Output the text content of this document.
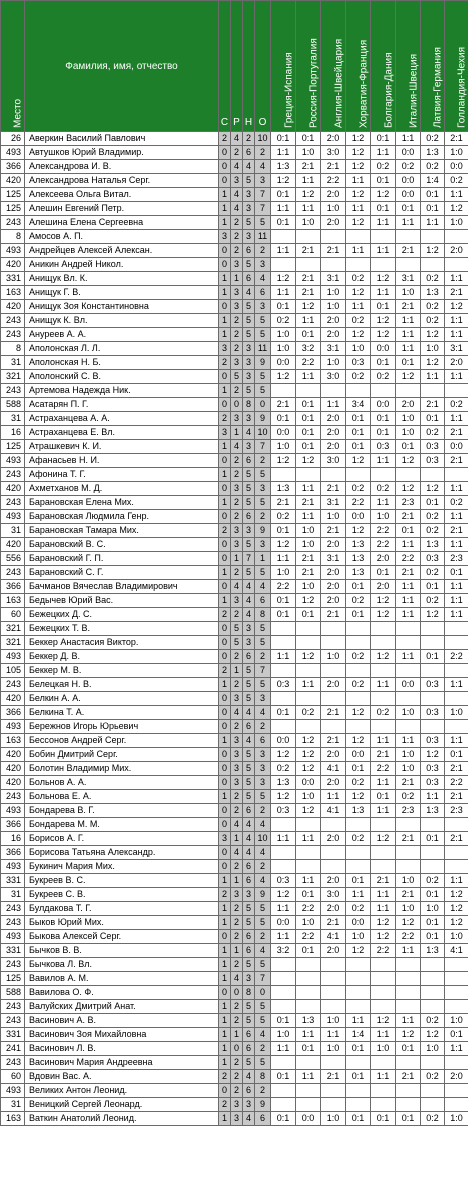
Место	Фамилия, имя, отчество	С	Р	Н	О	Греция-Испания	Россия-Португалия	Англия-Швейцария	Хорватия-Франция	Болгария-Дания	Италия-Швеция	Латвия-Германия	Голландия-Чехия
26	Аверкин Василий Павлович	2	4	2	10	0:1	0:1	2:0	1:2	0:1	1:1	0:2	2:1
493	Автушков Юрий Владимир.	0	2	6	2	1:1	1:0	3:0	1:2	1:1	0:0	1:3	1:0
366	Александрова И. В.	0	4	4	4	1:3	2:1	2:1	1:2	0:2	0:2	0:2	0:0
420	Александрова Наталья Серг.	0	3	5	3	1:2	1:1	2:2	1:1	0:1	0:0	1:4	0:2
125	Алексеева Ольга Витал.	1	4	3	7	0:1	1:2	2:0	1:2	1:2	0:0	0:1	1:1
125	Алешин Евгений Петр.	1	4	3	7	1:1	1:1	1:0	1:1	0:1	0:1	0:1	1:2
243	Алешина Елена Сергеевна	1	2	5	5	0:1	1:0	2:0	1:2	1:1	1:1	1:1	1:0
8	Амосов А. П.	3	2	3	11								
493	Андрейцев Алексей Алексан.	0	2	6	2	1:1	2:1	2:1	1:1	1:1	2:1	1:2	2:0
420	Аникин Андрей Никол.	0	3	5	3								
331	Анищук Вл. К.	1	1	6	4	1:2	2:1	3:1	0:2	1:2	3:1	0:2	1:1
163	Анищук Г. В.	1	3	4	6	1:1	2:1	1:0	1:2	1:1	1:0	1:3	2:1
420	Анищук Зоя Константиновна	0	3	5	3	0:1	1:2	1:0	1:1	0:1	2:1	0:2	1:2
243	Анищук К. Вл.	1	2	5	5	0:2	1:1	2:0	0:2	1:2	1:1	0:2	1:1
243	Ануреев А. А.	1	2	5	5	1:0	0:1	2:0	1:2	1:2	1:1	1:2	1:1
8	Аполонская Л. Л.	3	2	3	11	1:0	3:2	3:1	1:0	0:0	1:1	1:0	3:1
31	Аполонская Н. Б.	2	3	3	9	0:0	2:2	1:0	0:3	0:1	0:1	1:2	2:0
321	Аполонский С. В.	0	5	3	5	1:2	1:1	3:0	0:2	0:2	1:2	1:1	1:1
243	Артемова Надежда Ник.	1	2	5	5								
588	Асатарян П. Г.	0	0	8	0	2:1	0:1	1:1	3:4	0:0	2:0	2:1	0:2
31	Астраханцева А. А.	2	3	3	9	0:1	0:1	2:0	0:1	0:1	1:0	0:1	1:1
16	Астраханцева Е. Вл.	3	1	4	10	0:0	0:1	2:0	0:1	0:1	1:0	0:2	2:1
125	Атрашкевич К. И.	1	4	3	7	1:0	0:1	2:0	0:1	0:3	0:1	0:3	0:0
493	Афанасьев Н. И.	0	2	6	2	1:2	1:2	3:0	1:2	1:1	1:2	0:3	2:1
243	Афонина Т. Г.	1	2	5	5								
420	Ахметханов М. Д.	0	3	5	3	1:3	1:1	2:1	0:2	0:2	1:2	1:2	1:1
243	Барановская Елена Мих.	1	2	5	5	2:1	2:1	3:1	2:2	1:1	2:3	0:1	0:2
493	Барановская Людмила Генр.	0	2	6	2	0:2	1:1	1:0	0:0	1:0	2:1	0:2	1:1
31	Барановская Тамара Мих.	2	3	3	9	0:1	1:0	2:1	1:2	2:2	0:1	0:2	2:1
420	Барановский В. С.	0	3	5	3	1:2	1:0	2:0	1:3	2:2	1:1	1:3	1:1
556	Барановский Г. П.	0	1	7	1	1:1	2:1	3:1	1:3	2:0	2:2	0:3	2:3
243	Барановский С. Г.	1	2	5	5	1:0	2:1	2:0	1:3	0:1	2:1	0:2	0:1
366	Бачманов Вячеслав Владимирович	0	4	4	4	2:2	1:0	2:0	0:1	2:0	1:1	0:1	1:1
163	Бедычев Юрий Вас.	1	3	4	6	0:1	1:2	2:0	0:2	1:2	1:1	0:2	1:1
60	Бежецких Д. С.	2	2	4	8	0:1	0:1	2:1	0:1	1:2	1:1	1:2	1:1
321	Бежецких Т. В.	0	5	3	5								
321	Беккер Анастасия Виктор.	0	5	3	5								
493	Беккер Д. В.	0	2	6	2	1:1	1:2	1:0	0:2	1:2	1:1	0:1	2:2
105	Беккер М. В.	2	1	5	7								
243	Белецкая Н. В.	1	2	5	5	0:3	1:1	2:0	0:2	1:1	0:0	0:3	1:1
420	Белкин А. А.	0	3	5	3								
366	Белкина Т. А.	0	4	4	4	0:1	0:2	2:1	1:2	0:2	1:0	0:3	1:0
493	Бережнов Игорь Юрьевич	0	2	6	2								
163	Бессонов Андрей Серг.	1	3	4	6	0:0	1:2	2:1	1:2	1:1	1:1	0:3	1:1
420	Бобин Дмитрий Серг.	0	3	5	3	1:2	1:2	2:0	0:0	2:1	1:0	1:2	0:1
420	Болотин Владимир Мих.	0	3	5	3	0:2	1:2	4:1	0:1	2:2	1:0	0:3	2:1
420	Больнов А. А.	0	3	5	3	1:3	0:0	2:0	0:2	1:1	2:1	0:3	2:2
243	Больнова Е. А.	1	2	5	5	1:2	1:0	1:1	1:2	0:1	0:2	1:1	2:1
493	Бондарева В. Г.	0	2	6	2	0:3	1:2	4:1	1:3	1:1	2:3	1:3	2:3
366	Бондарева М. М.	0	4	4	4								
16	Борисов А. Г.	3	1	4	10	1:1	1:1	2:0	0:2	1:2	2:1	0:1	2:1
366	Борисова Татьяна Александр.	0	4	4	4								
493	Букинич Мария Мих.	0	2	6	2								
331	Букреев В. С.	1	1	6	4	0:3	1:1	2:0	0:1	2:1	1:0	0:2	1:1
31	Букреев С. В.	2	3	3	9	1:2	0:1	3:0	1:1	1:1	2:1	0:1	1:2
243	Булдакова Т. Г.	1	2	5	5	1:1	2:2	2:0	0:2	1:1	1:0	1:0	1:2
243	Быков Юрий Мих.	1	2	5	5	0:0	1:0	2:1	0:0	1:2	1:2	0:1	1:2
493	Быкова Алексей Серг.	0	2	6	2	1:1	2:2	4:1	1:0	1:2	2:2	0:1	1:0
331	Бычков В. В.	1	1	6	4	3:2	0:1	2:0	1:2	2:2	1:1	1:3	4:1
243	Бычкова Л. Вл.	1	2	5	5								
125	Вавилов А. М.	1	4	3	7								
588	Вавилова О. Ф.	0	0	8	0								
243	Валуйских Дмитрий Анат.	1	2	5	5								
243	Васинович А. В.	1	2	5	5	0:1	1:3	1:0	1:1	1:2	1:1	0:2	1:0
331	Васинович Зоя Михайловна	1	1	6	4	1:0	1:1	1:1	1:4	1:1	1:2	1:2	0:1
241	Васинович Л. В.	1	0	6	2	1:1	0:1	1:0	0:1	1:0	0:1	1:0	1:1
243	Васинович Мария Андреевна	1	2	5	5								
60	Вдовин Вас. А.	2	2	4	8	0:1	1:1	2:1	0:1	1:1	2:1	0:2	2:0
493	Великих Антон Леонид.	0	2	6	2								
31	Веницкий Сергей Леонард.	2	3	3	9								
163	Ваткин Анатолий Леонид.	1	3	4	6	0:1	0:0	1:0	0:1	0:1	0:1	0:2	1:0
